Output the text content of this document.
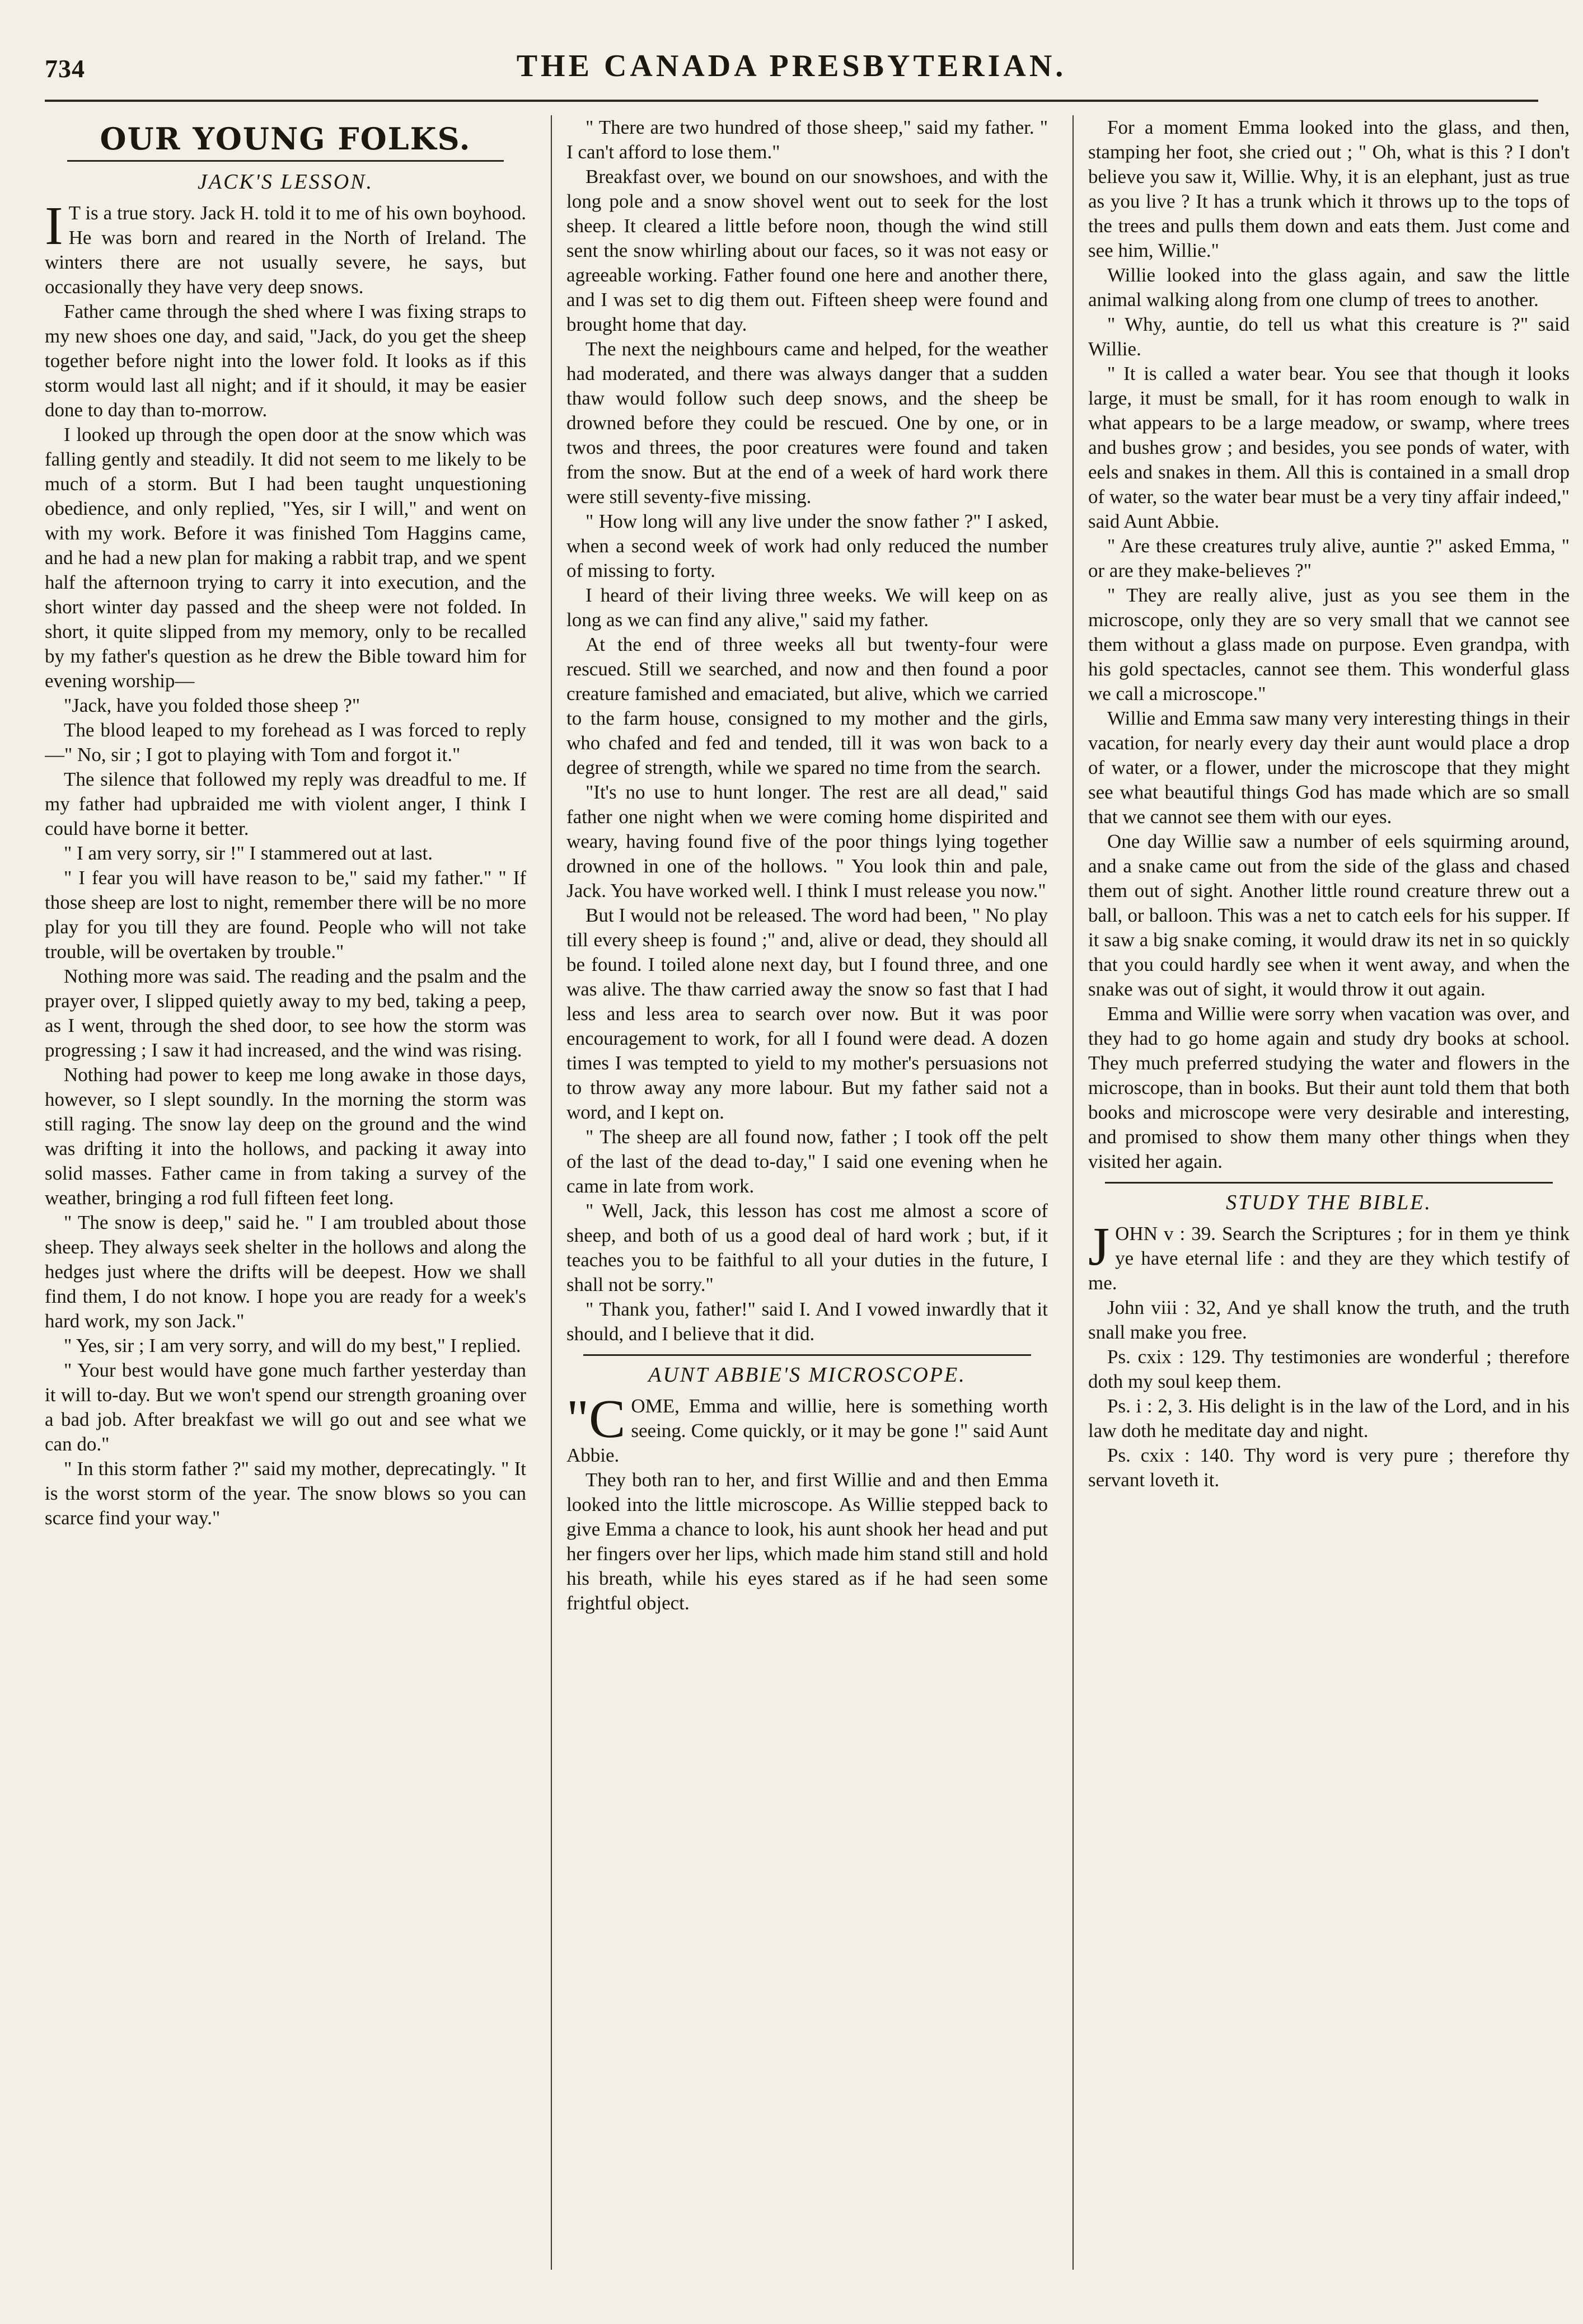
734	THE CANADA PRESBYTERIAN.
OUR YOUNG FOLKS.
JACK'S LESSON.

I T is a true story. Jack H. told it to me of his own boyhood. He was born and reared in the North of Ireland. The winters there are not usually severe, he says, but occasionally they have very deep snows.

Father came through the shed where I was fixing straps to my new shoes one day, and said, "Jack, do you get the sheep together before night into the lower fold. It looks as if this storm would last all night; and if it should, it may be easier done to day than to-morrow.

I looked up through the open door at the snow which was falling gently and steadily. It did not seem to me likely to be much of a storm. But I had been taught unquestioning obedience, and only replied, "Yes, sir I will," and went on with my work. Before it was finished Tom Haggins came, and he had a new plan for making a rabbit trap, and we spent half the afternoon trying to carry it into execution, and the short winter day passed and the sheep were not folded. In short, it quite slipped from my memory, only to be recalled by my father's question as he drew the Bible toward him for evening worship—

"Jack, have you folded those sheep ?"

The blood leaped to my forehead as I was forced to reply—" No, sir ; I got to playing with Tom and forgot it."

The silence that followed my reply was dreadful to me. If my father had upbraided me with violent anger, I think I could have borne it better.

" I am very sorry, sir !" I stammered out at last.

" I fear you will have reason to be," said my father." " If those sheep are lost to night, remember there will be no more play for you till they are found. People who will not take trouble, will be overtaken by trouble."

Nothing more was said. The reading and the psalm and the prayer over, I slipped quietly away to my bed, taking a peep, as I went, through the shed door, to see how the storm was progressing ; I saw it had increased, and the wind was rising.

Nothing had power to keep me long awake in those days, however, so I slept soundly. In the morning the storm was still raging. The snow lay deep on the ground and the wind was drifting it into the hollows, and packing it away into solid masses. Father came in from taking a survey of the weather, bringing a rod full fifteen feet long.

" The snow is deep," said he. " I am troubled about those sheep. They always seek shelter in the hollows and along the hedges just where the drifts will be deepest. How we shall find them, I do not know. I hope you are ready for a week's hard work, my son Jack."

" Yes, sir ; I am very sorry, and will do my best," I replied.

" Your best would have gone much farther yesterday than it will to-day. But we won't spend our strength groaning over a bad job. After breakfast we will go out and see what we can do."

" In this storm father ?" said my mother, deprecatingly. " It is the worst storm of the year. The snow blows so you can scarce find your way."

" There are two hundred of those sheep," said my father. " I can't afford to lose them."

Breakfast over, we bound on our snowshoes, and with the long pole and a snow shovel went out to seek for the lost sheep. It cleared a little before noon, though the wind still sent the snow whirling about our faces, so it was not easy or agreeable working. Father found one here and another there, and I was set to dig them out. Fifteen sheep were found and brought home that day.

The next the neighbours came and helped, for the weather had moderated, and there was always danger that a sudden thaw would follow such deep snows, and the sheep be drowned before they could be rescued. One by one, or in twos and threes, the poor creatures were found and taken from the snow. But at the end of a week of hard work there were still seventy-five missing.

" How long will any live under the snow father ?" I asked, when a second week of work had only reduced the number of missing to forty.

I heard of their living three weeks. We will keep on as long as we can find any alive," said my father.

At the end of three weeks all but twenty-four were rescued. Still we searched, and now and then found a poor creature famished and emaciated, but alive, which we carried to the farm house, consigned to my mother and the girls, who chafed and fed and tended, till it was won back to a degree of strength, while we spared no time from the search.

"It's no use to hunt longer. The rest are all dead," said father one night when we were coming home dispirited and weary, having found five of the poor things lying together drowned in one of the hollows. " You look thin and pale, Jack. You have worked well. I think I must release you now."

But I would not be released. The word had been, " No play till every sheep is found ;" and, alive or dead, they should all be found. I toiled alone next day, but I found three, and one was alive. The thaw carried away the snow so fast that I had less and less area to search over now. But it was poor encouragement to work, for all I found were dead. A dozen times I was tempted to yield to my mother's persuasions not to throw away any more labour. But my father said not a word, and I kept on.

" The sheep are all found now, father ; I took off the pelt of the last of the dead to-day," I said one evening when he came in late from work.

" Well, Jack, this lesson has cost me almost a score of sheep, and both of us a good deal of hard work ; but, if it teaches you to be faithful to all your duties in the future, I shall not be sorry."

" Thank you, father!" said I. And I vowed inwardly that it should, and I believe that it did.

AUNT ABBIE'S MICROSCOPE.

"COME, Emma and willie, here is something worth seeing. Come quickly, or it may be gone !" said Aunt Abbie.

They both ran to her, and first Willie and and then Emma looked into the little microscope. As Willie stepped back to give Emma a chance to look, his aunt shook her head and put her fingers over her lips, which made him stand still and hold his breath, while his eyes stared as if he had seen some frightful object.

For a moment Emma looked into the glass, and then, stamping her foot, she cried out ; " Oh, what is this ? I don't believe you saw it, Willie. Why, it is an elephant, just as true as you live ? It has a trunk which it throws up to the tops of the trees and pulls them down and eats them. Just come and see him, Willie."

Willie looked into the glass again, and saw the little animal walking along from one clump of trees to another.

" Why, auntie, do tell us what this creature is ?" said Willie.

" It is called a water bear. You see that though it looks large, it must be small, for it has room enough to walk in what appears to be a large meadow, or swamp, where trees and bushes grow ; and besides, you see ponds of water, with eels and snakes in them. All this is contained in a small drop of water, so the water bear must be a very tiny affair indeed," said Aunt Abbie.

" Are these creatures truly alive, auntie ?" asked Emma, " or are they make-believes ?"

" They are really alive, just as you see them in the microscope, only they are so very small that we cannot see them without a glass made on purpose. Even grandpa, with his gold spectacles, cannot see them. This wonderful glass we call a microscope."

Willie and Emma saw many very interesting things in their vacation, for nearly every day their aunt would place a drop of water, or a flower, under the microscope that they might see what beautiful things God has made which are so small that we cannot see them with our eyes.

One day Willie saw a number of eels squirming around, and a snake came out from the side of the glass and chased them out of sight. Another little round creature threw out a ball, or balloon. This was a net to catch eels for his supper. If it saw a big snake coming, it would draw its net in so quickly that you could hardly see when it went away, and when the snake was out of sight, it would throw it out again.

Emma and Willie were sorry when vacation was over, and they had to go home again and study dry books at school. They much preferred studying the water and flowers in the microscope, than in books. But their aunt told them that both books and microscope were very desirable and interesting, and promised to show them many other things when they visited her again.

STUDY THE BIBLE.

JOHN v : 39. Search the Scriptures ; for in them ye think ye have eternal life : and they are they which testify of me.

John viii : 32, And ye shall know the truth, and the truth snall make you free.

Ps. cxix : 129. Thy testimonies are wonderful ; therefore doth my soul keep them.

Ps. i : 2, 3. His delight is in the law of the Lord, and in his law doth he meditate day and night.

Ps. cxix : 140. Thy word is very pure ; therefore thy servant loveth it.
